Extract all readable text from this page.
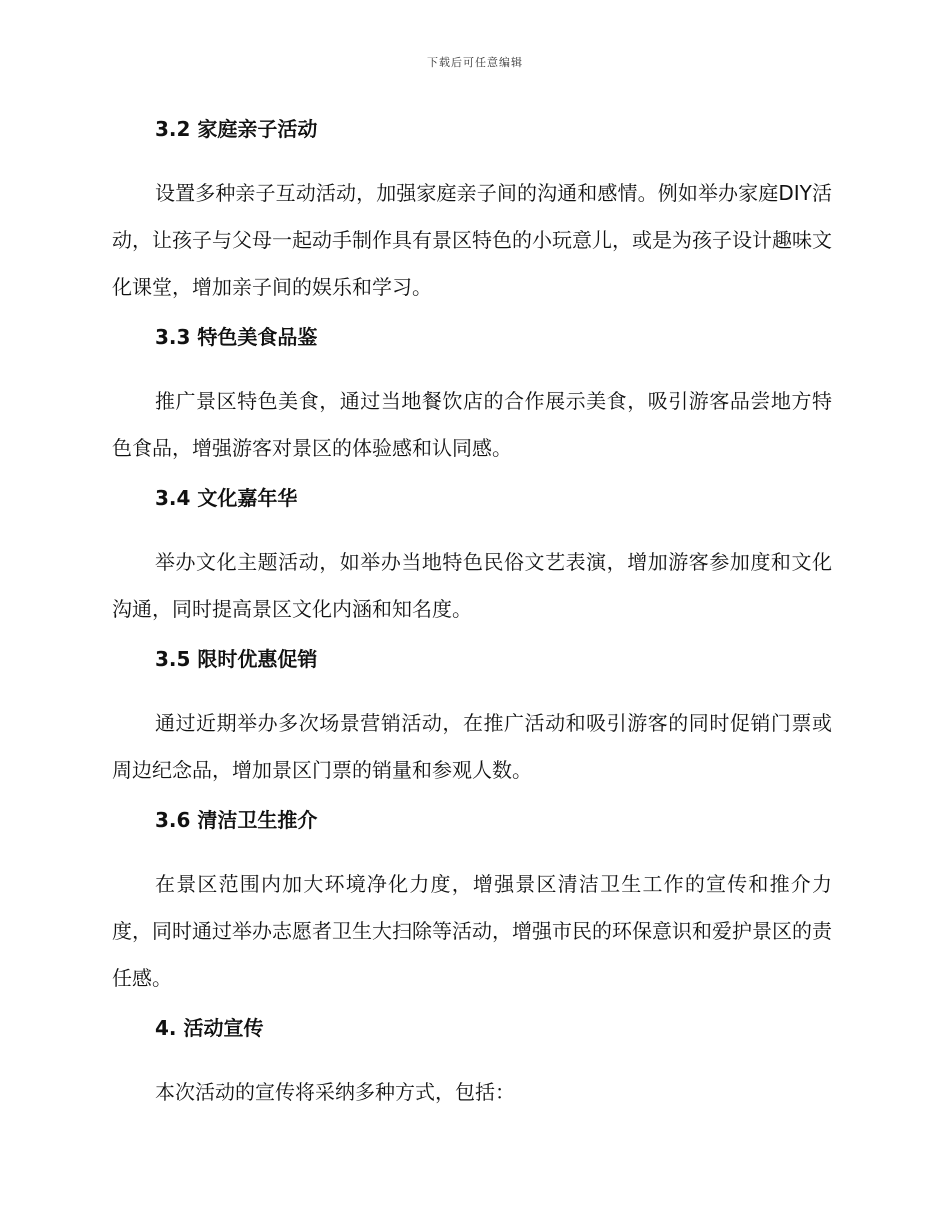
下载后可任意编辑
3.2 家庭亲子活动

设置多种亲子互动活动，加强家庭亲子间的沟通和感情。例如举办家庭DIY活动，让孩子与父母一起动手制作具有景区特色的小玩意儿，或是为孩子设计趣味文化课堂，增加亲子间的娱乐和学习。

3.3 特色美食品鉴

推广景区特色美食，通过当地餐饮店的合作展示美食，吸引游客品尝地方特色食品，增强游客对景区的体验感和认同感。

3.4 文化嘉年华

举办文化主题活动，如举办当地特色民俗文艺表演，增加游客参加度和文化沟通，同时提高景区文化内涵和知名度。

3.5 限时优惠促销

通过近期举办多次场景营销活动，在推广活动和吸引游客的同时促销门票或周边纪念品，增加景区门票的销量和参观人数。

3.6 清洁卫生推介

在景区范围内加大环境净化力度，增强景区清洁卫生工作的宣传和推介力度，同时通过举办志愿者卫生大扫除等活动，增强市民的环保意识和爱护景区的责任感。

4. 活动宣传

本次活动的宣传将采纳多种方式，包括：
